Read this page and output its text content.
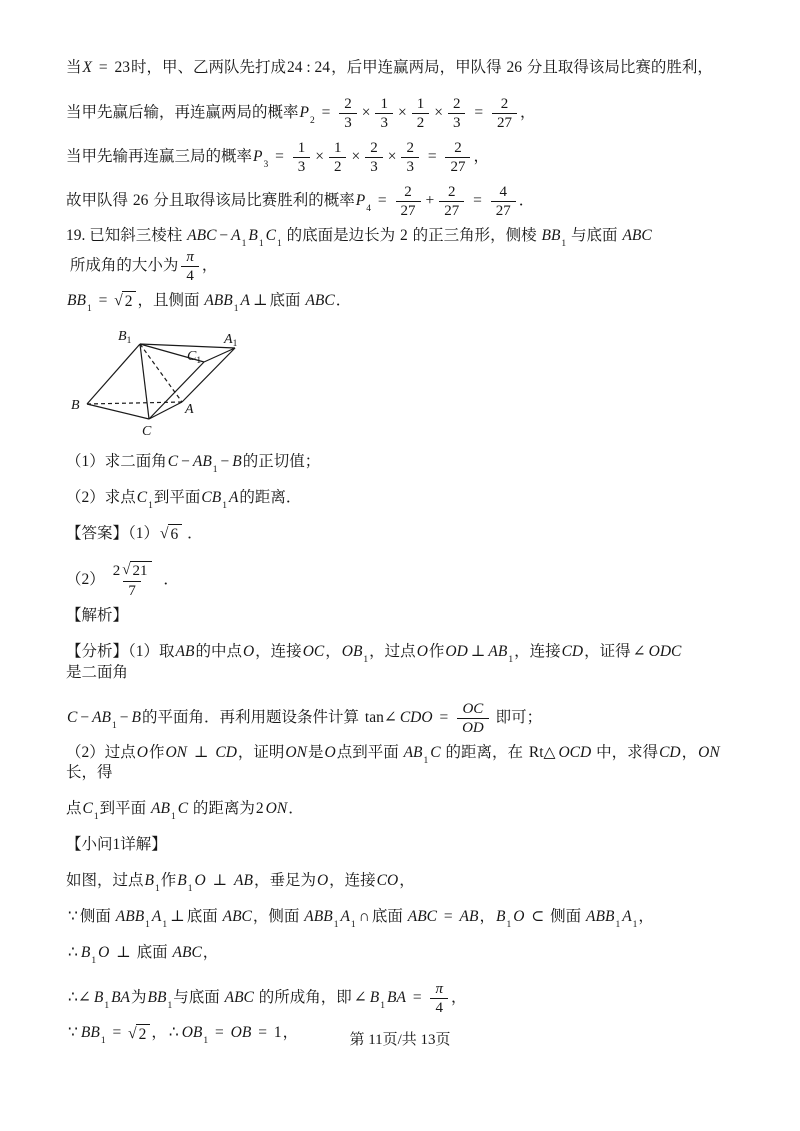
当 X = 23 时，甲、乙两队先打成 24 : 24 ，后甲连赢两局，甲队得 26 分且取得该局比赛的胜利，
当甲先赢后输，再连赢两局的概率 $P_2$
= $\frac{2}{3} \times \frac{1}{3} \times \frac{1}{2} \times \frac{2}{3} = \frac{2}{27}$ ，
当甲先输再连赢三局的概率 $P_3$
= $\frac{1}{3} \times \frac{1}{2} \times \frac{2}{3} \times \frac{2}{3} = \frac{2}{27}$ ，
故甲队得 26 分且取得该局比赛胜利的概率 $P_4$
= $\frac{2}{27} + \frac{2}{27} = \frac{4}{27}$ ．
19. 已知斜三棱柱 ABC − $A_1$
$B_1$
$C_1$
的底面是边长为 2 的正三角形，侧棱 $BB_1$
与底面 ABC
所成角的大小为 $\frac{\pi}{4}$ ，
$BB_1$
= √ 2 ，且侧面 $ABB_1$
A ⊥ 底面 ABC ．
$B_1$	$A_1$
$C_1$
B	A
C
（1）求二面角 $C - AB_1$
− B 的正切值；
（2）求点 $C_1$
到平面 $CB_1$
A 的距离．
【答案】（1） √ 6 ．
$(2) \frac{2 √ 21}{7}$ ．
【解析】
【分析】（1）取 AB 的中点 O ，连接 OC ， $OB_1$
，过点 O 作 OD ⊥ $AB_1$
，连接 CD ，证得 ∠ ODC
是二面角
$C - AB_1$
− B 的平面角．再利用题设条件计算 tan∠ CDO = $\frac{OC}{OD}$ 即可；
（2）过点 O 作 ON ⊥ CD ，证明 ON 是 O 点到平面 $AB_1$
C 的距离，在 Rt△ OCD 中，求得 CD ， ON
长，得
点 $C_1$
到平面 $AB_1$
C 的距离为 2 ON ．
【小问1详解】
如图，过点 $B_1$
作 $B_1$
O ⊥ AB ，垂足为 O ，连接 CO ，
∵ 侧面 $ABB_1$
$A_1$
⊥ 底面 ABC ，侧面 $ABB_1$
$A_1$
∩ 底面 ABC = AB ， $B_1$
O ⊂ 侧面 $ABB_1$
$A_1$
，
∴ $B_1$
O ⊥ 底面 ABC ，
∴∠ $B_1$
BA 为 $BB_1$
与底面 ABC 的所成角，即 ∠ $B_1$
BA = $\frac{\pi}{4}$ ，
∵ $BB_1$
= √ 2 ， ∴ $OB_1$
= OB = 1 ，	第 11页/共 13页
